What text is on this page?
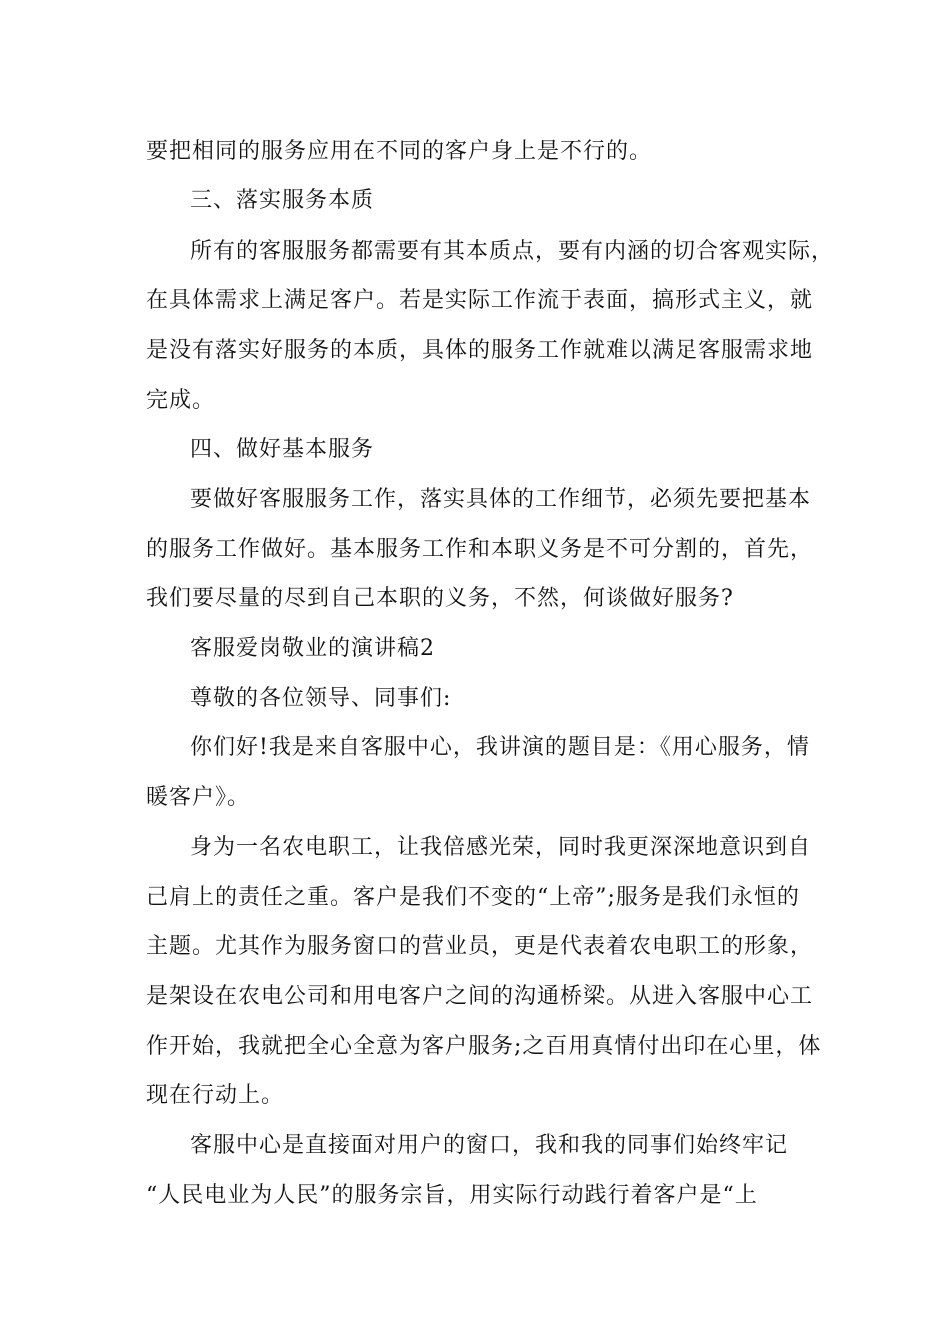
要把相同的服务应用在不同的客户身上是不行的。
三、落实服务本质
所有的客服服务都需要有其本质点，要有内涵的切合客观实际，
在具体需求上满足客户。若是实际工作流于表面，搞形式主义，就
是没有落实好服务的本质，具体的服务工作就难以满足客服需求地
完成。
四、做好基本服务
要做好客服服务工作，落实具体的工作细节，必须先要把基本
的服务工作做好。基本服务工作和本职义务是不可分割的，首先，
我们要尽量的尽到自己本职的义务，不然，何谈做好服务?
客服爱岗敬业的演讲稿2
尊敬的各位领导、同事们:
你们好!我是来自客服中心，我讲演的题目是：《用心服务，情
暖客户》。
身为一名农电职工，让我倍感光荣，同时我更深深地意识到自
己肩上的责任之重。客户是我们不变的“上帝”;服务是我们永恒的
主题。尤其作为服务窗口的营业员，更是代表着农电职工的形象，
是架设在农电公司和用电客户之间的沟通桥梁。从进入客服中心工
作开始，我就把全心全意为客户服务;之百用真情付出印在心里，体
现在行动上。
客服中心是直接面对用户的窗口，我和我的同事们始终牢记
“人民电业为人民”的服务宗旨，用实际行动践行着客户是“上
